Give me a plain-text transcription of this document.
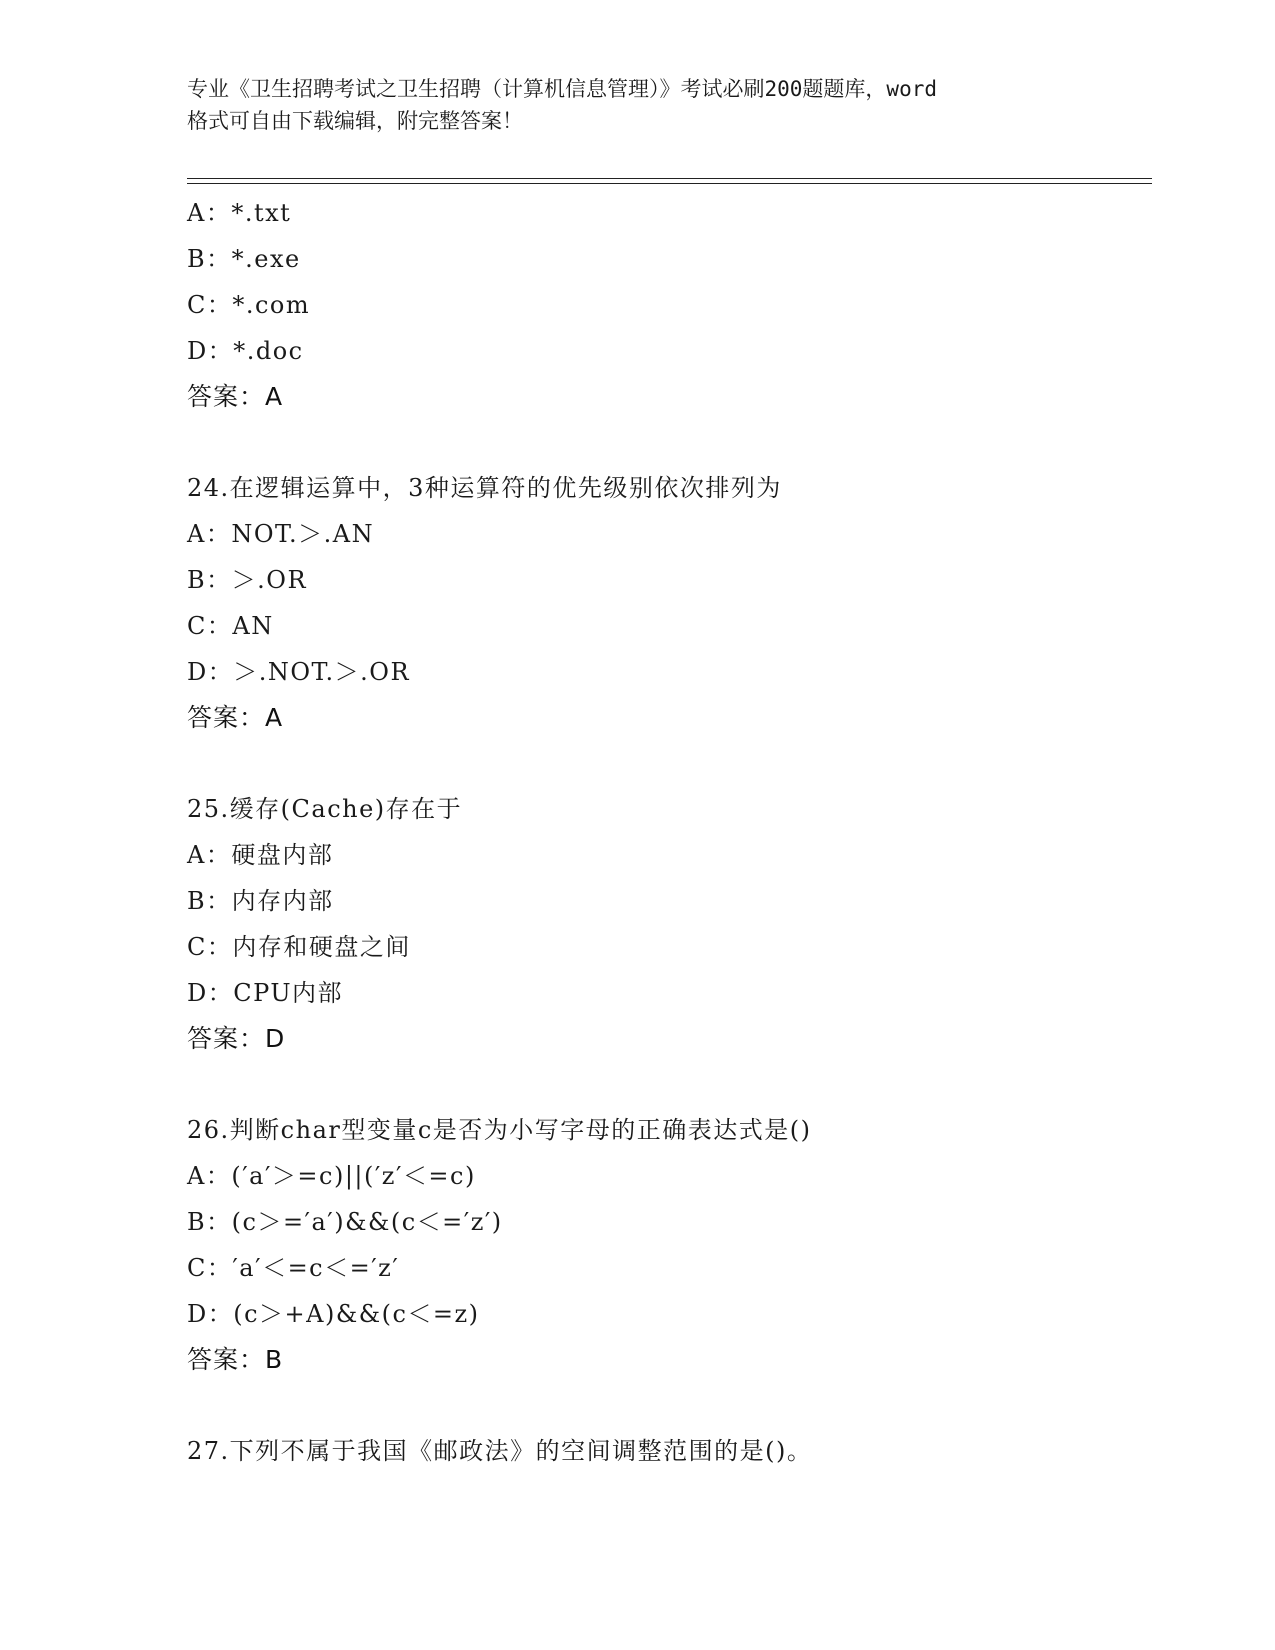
专业《卫生招聘考试之卫生招聘（计算机信息管理）》考试必刷200题题库，word
格式可自由下载编辑，附完整答案！
A：*.txt
B：*.exe
C：*.com
D：*.doc
答案：A
24.在逻辑运算中，3种运算符的优先级别依次排列为
A：NOT.＞.AN
B：＞.OR
C：AN
D：＞.NOT.＞.OR
答案：A
25.缓存(Cache)存在于
A：硬盘内部
B：内存内部
C：内存和硬盘之间
D：CPU内部
答案：D
26.判断char型变量c是否为小写字母的正确表达式是()
A：(′a′＞=c)||(′z′＜=c)
B：(c＞=′a′)&&(c＜=′z′)
C：′a′＜=c＜=′z′
D：(c＞+A)&&(c＜=z)
答案：B
27.下列不属于我国《邮政法》的空间调整范围的是()。
